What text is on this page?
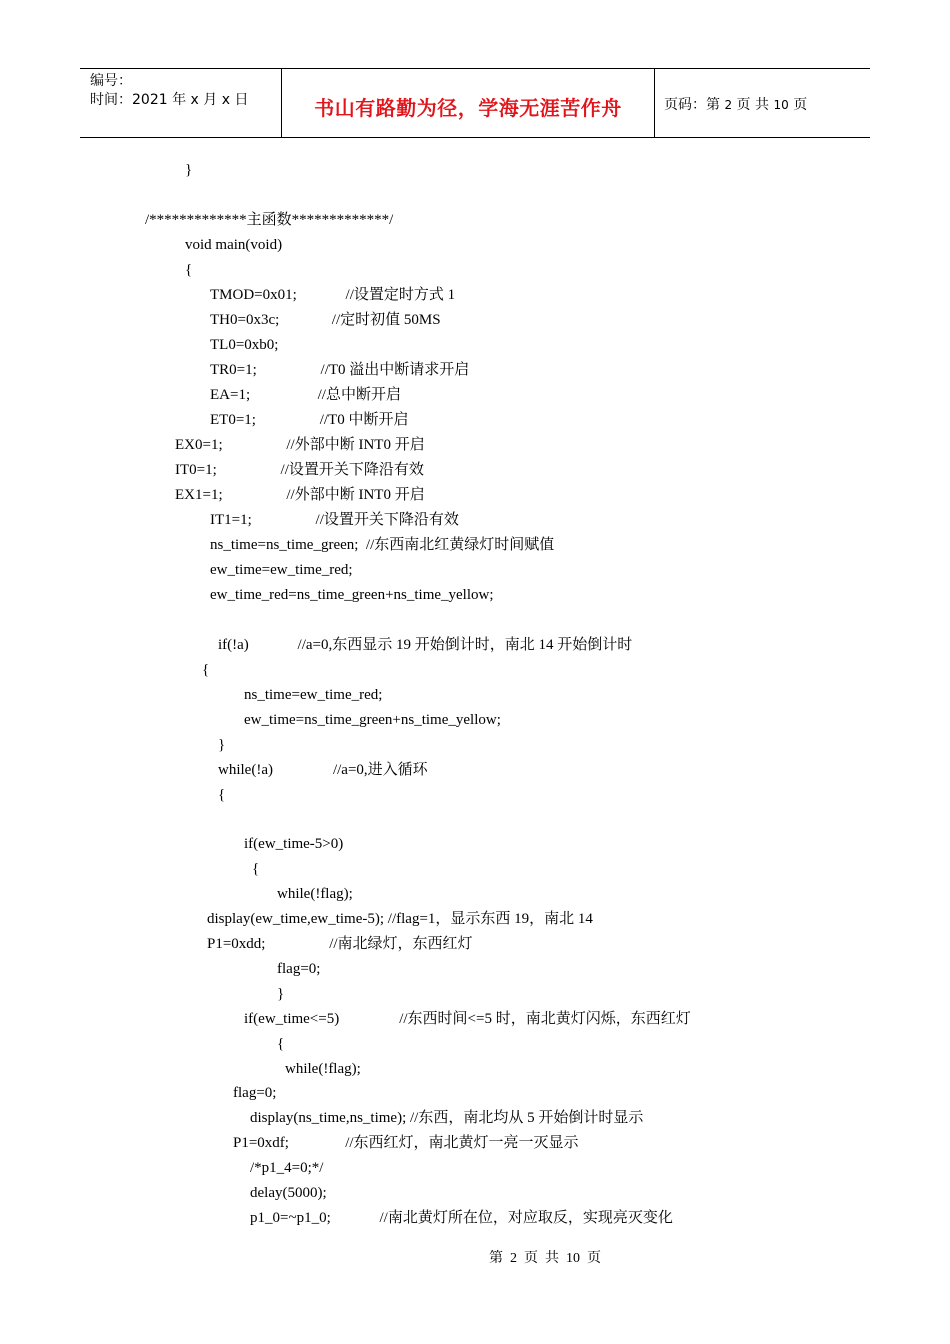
编号：
时间：2021 年 x 月 x 日	书山有路勤为径，学海无涯苦作舟	页码：第 2 页 共 10 页
}
/*************主函数*************/
void main(void)
{
TMOD=0x01;             //设置定时方式 1
TH0=0x3c;              //定时初值 50MS
TL0=0xb0;
TR0=1;                 //T0 溢出中断请求开启
EA=1;                  //总中断开启
ET0=1;                 //T0 中断开启
EX0=1;                 //外部中断 INT0 开启
IT0=1;                 //设置开关下降沿有效
EX1=1;                 //外部中断 INT0 开启
IT1=1;                 //设置开关下降沿有效
ns_time=ns_time_green;  //东西南北红黄绿灯时间赋值
ew_time=ew_time_red;
ew_time_red=ns_time_green+ns_time_yellow;
if(!a)             //a=0,东西显示 19 开始倒计时，南北 14 开始倒计时
{
ns_time=ew_time_red;
ew_time=ns_time_green+ns_time_yellow;
}
while(!a)                //a=0,进入循环
{
if(ew_time-5>0)
{
while(!flag);
display(ew_time,ew_time-5); //flag=1，显示东西 19，南北 14
P1=0xdd;                 //南北绿灯，东西红灯
flag=0;
}
if(ew_time<=5)                //东西时间<=5 时，南北黄灯闪烁，东西红灯
{
while(!flag);
flag=0;
display(ns_time,ns_time); //东西，南北均从 5 开始倒计时显示
P1=0xdf;               //东西红灯，南北黄灯一亮一灭显示
/*p1_4=0;*/
delay(5000);
p1_0=~p1_0;             //南北黄灯所在位，对应取反，实现亮灭变化
第  2  页  共  10  页
